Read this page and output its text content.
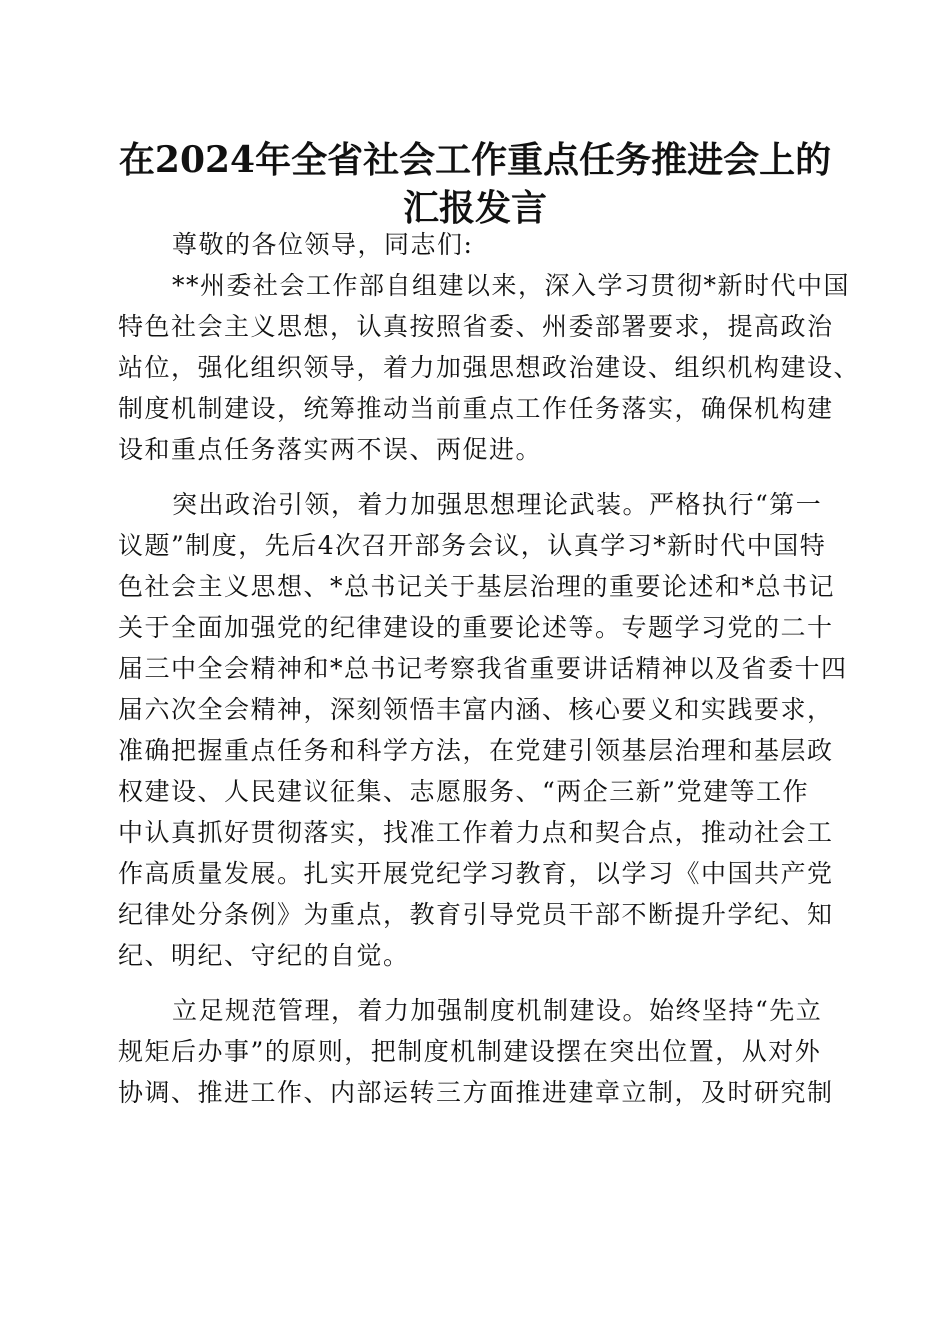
在2024年全省社会工作重点任务推进会上的
汇报发言
尊敬的各位领导，同志们:
**州委社会工作部自组建以来，深入学习贯彻*新时代中国
特色社会主义思想，认真按照省委、州委部署要求，提高政治
站位，强化组织领导，着力加强思想政治建设、组织机构建设、
制度机制建设，统筹推动当前重点工作任务落实，确保机构建
设和重点任务落实两不误、两促进。
突出政治引领，着力加强思想理论武装。严格执行“第一
议题”制度，先后4次召开部务会议，认真学习*新时代中国特
色社会主义思想、*总书记关于基层治理的重要论述和*总书记
关于全面加强党的纪律建设的重要论述等。专题学习党的二十
届三中全会精神和*总书记考察我省重要讲话精神以及省委十四
届六次全会精神，深刻领悟丰富内涵、核心要义和实践要求，
准确把握重点任务和科学方法，在党建引领基层治理和基层政
权建设、人民建议征集、志愿服务、“两企三新”党建等工作
中认真抓好贯彻落实，找准工作着力点和契合点，推动社会工
作高质量发展。扎实开展党纪学习教育，以学习《中国共产党
纪律处分条例》为重点，教育引导党员干部不断提升学纪、知
纪、明纪、守纪的自觉。
立足规范管理，着力加强制度机制建设。始终坚持“先立
规矩后办事”的原则，把制度机制建设摆在突出位置，从对外
协调、推进工作、内部运转三方面推进建章立制，及时研究制
